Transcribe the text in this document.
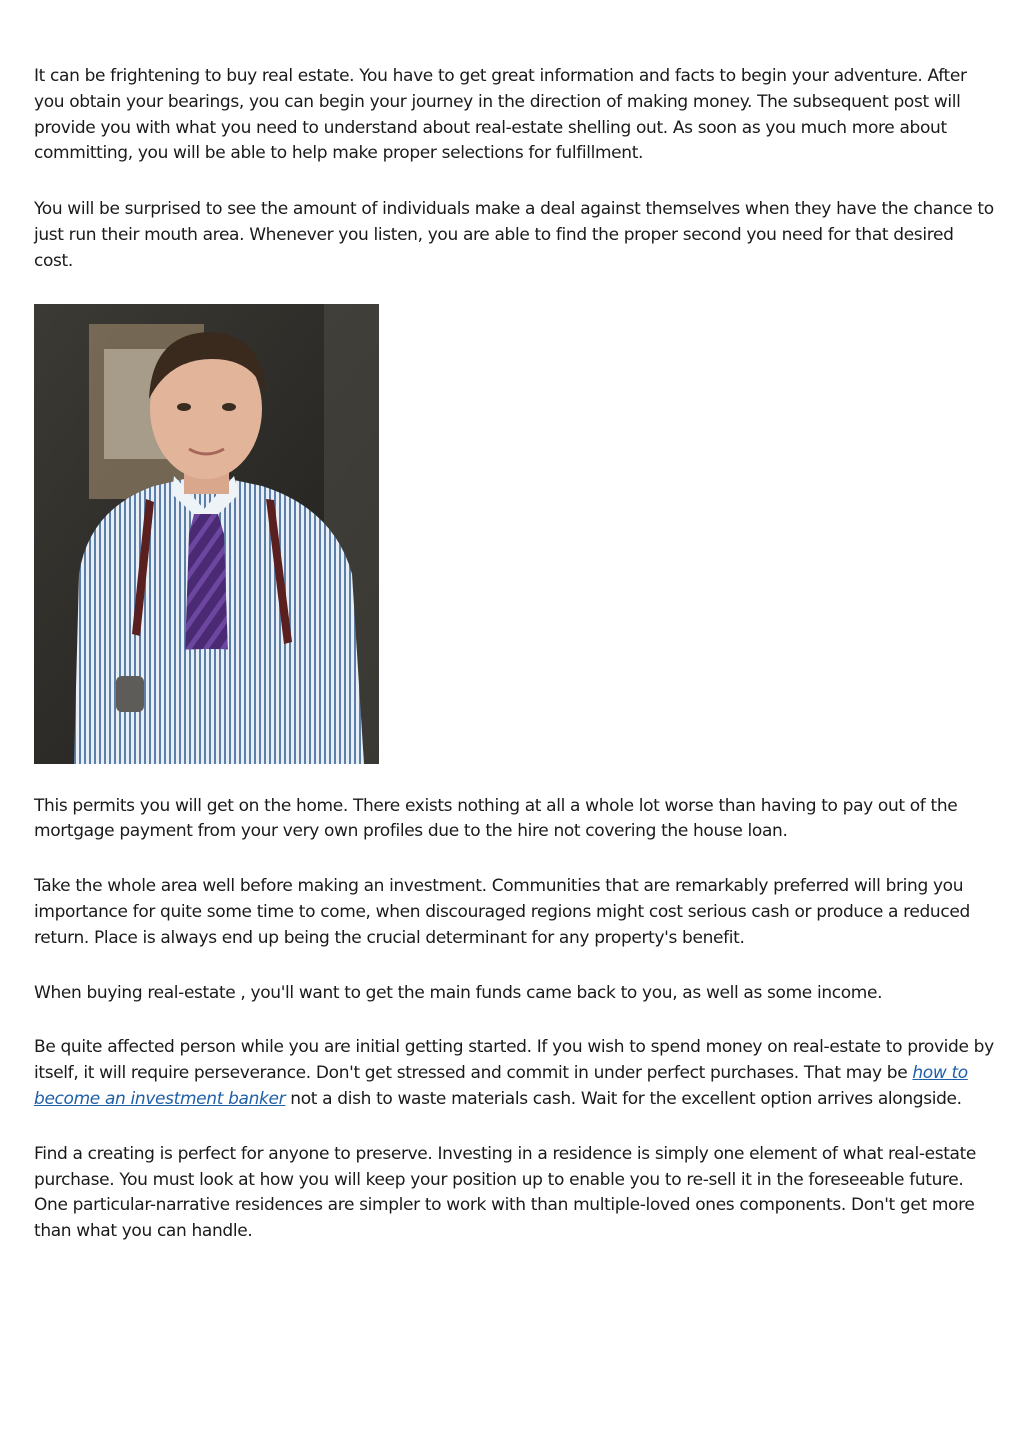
It can be frightening to buy real estate. You have to get great information and facts to begin your adventure. After you obtain your bearings, you can begin your journey in the direction of making money. The subsequent post will provide you with what you need to understand about real-estate shelling out. As soon as you much more about committing, you will be able to help make proper selections for fulfillment.

You will be surprised to see the amount of individuals make a deal against themselves when they have the chance to just run their mouth area. Whenever you listen, you are able to find the proper second you need for that desired cost.

This permits you will get on the home. There exists nothing at all a whole lot worse than having to pay out of the mortgage payment from your very own profiles due to the hire not covering the house loan.

Take the whole area well before making an investment. Communities that are remarkably preferred will bring you importance for quite some time to come, when discouraged regions might cost serious cash or produce a reduced return. Place is always end up being the crucial determinant for any property's benefit.

When buying real-estate , you'll want to get the main funds came back to you, as well as some income.

Be quite affected person while you are initial getting started. If you wish to spend money on real-estate to provide by itself, it will require perseverance. Don't get stressed and commit in under perfect purchases. That may be how to become an investment banker not a dish to waste materials cash. Wait for the excellent option arrives alongside.

Find a creating is perfect for anyone to preserve. Investing in a residence is simply one element of what real-estate purchase. You must look at how you will keep your position up to enable you to re-sell it in the foreseeable future. One particular-narrative residences are simpler to work with than multiple-loved ones components. Don't get more than what you can handle.
